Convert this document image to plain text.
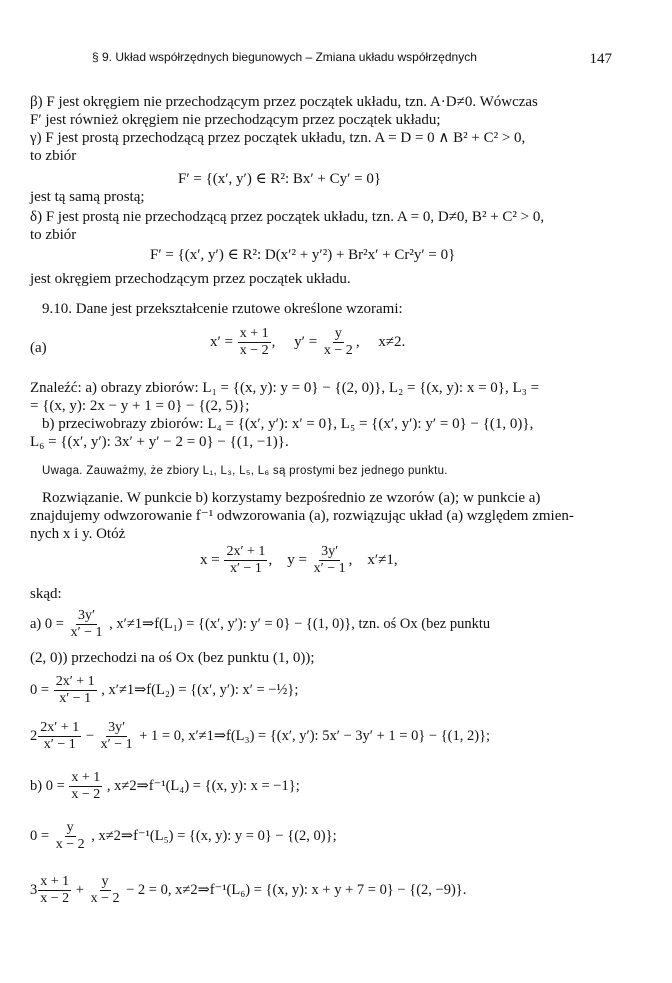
§ 9. Układ współrzędnych biegunowych – Zmiana układu współrzędnych	147
β) F jest okręgiem nie przechodzącym przez początek układu, tzn. A·D≠0. Wówczas
F′ jest również okręgiem nie przechodzącym przez początek układu;
γ) F jest prostą przechodzącą przez początek układu, tzn. A = D = 0 ∧ B² + C² > 0,
to zbiór
F′ = {(x′, y′) ∈ R²: Bx′ + Cy′ = 0}
jest tą samą prostą;
δ) F jest prostą nie przechodzącą przez początek układu, tzn. A = 0, D≠0, B² + C² > 0,
to zbiór
F′ = {(x′, y′) ∈ R²: D(x′² + y′²) + Br²x′ + Cr²y′ = 0}
jest okręgiem przechodzącym przez początek układu.
9.10. Dane jest przekształcenie rzutowe określone wzorami:
(a)	$x' = \frac{x + 1}{x - 2}$ ,     $y' = \frac{y}{x - 2}$ ,     x≠2.
Znaleźć: a) obrazy zbiorów: L₁ = {(x, y): y = 0} − {(2, 0)}, L₂ = {(x, y): x = 0}, L₃ =
= {(x, y): 2x − y + 1 = 0} − {(2, 5)};
b) przeciwobrazy zbiorów: L₄ = {(x′, y′): x′ = 0}, L₅ = {(x′, y′): y′ = 0} − {(1, 0)},
L₆ = {(x′, y′): 3x′ + y′ − 2 = 0} − {(1, −1)}.
Uwaga. Zauważmy, że zbiory L₁, L₃, L₅, L₆ są prostymi bez jednego punktu.
Rozwiązanie. W punkcie b) korzystamy bezpośrednio ze wzorów (a); w punkcie a)
znajdujemy odwzorowanie f⁻¹ odwzorowania (a), rozwiązując układ (a) względem zmien-
nych x i y. Otóż
$x = \frac{2x' + 1}{x' - 1}$ ,    $y = \frac{3y'}{x' - 1}$ ,    x′≠1,
skąd:
a) $0 = \frac{3y'}{x' - 1}$ , x′≠1⇒f(L₁) = {(x′, y′): y′ = 0} − {(1, 0)}, tzn. oś Ox (bez punktu
(2, 0)) przechodzi na oś Ox (bez punktu (1, 0));
$0 = \frac{2x' + 1}{x' - 1}$ , x′≠1⇒f(L₂) = {(x′, y′): x′ = −½};
$2 \frac{2x' + 1}{x' - 1} - \frac{3y'}{x' - 1} + 1 = 0$, x′≠1⇒f(L₃) = {(x′, y′): 5x′ − 3y′ + 1 = 0} − {(1, 2)};
b) $0 = \frac{x + 1}{x - 2}$ , x≠2⇒f⁻¹(L₄) = {(x, y): x = −1};
$0 = \frac{y}{x - 2}$ , x≠2⇒f⁻¹(L₅) = {(x, y): y = 0} − {(2, 0)};
$3 \frac{x + 1}{x - 2} + \frac{y}{x - 2} - 2 = 0$, x≠2⇒f⁻¹(L₆) = {(x, y): x + y + 7 = 0} − {(2, −9)}.
